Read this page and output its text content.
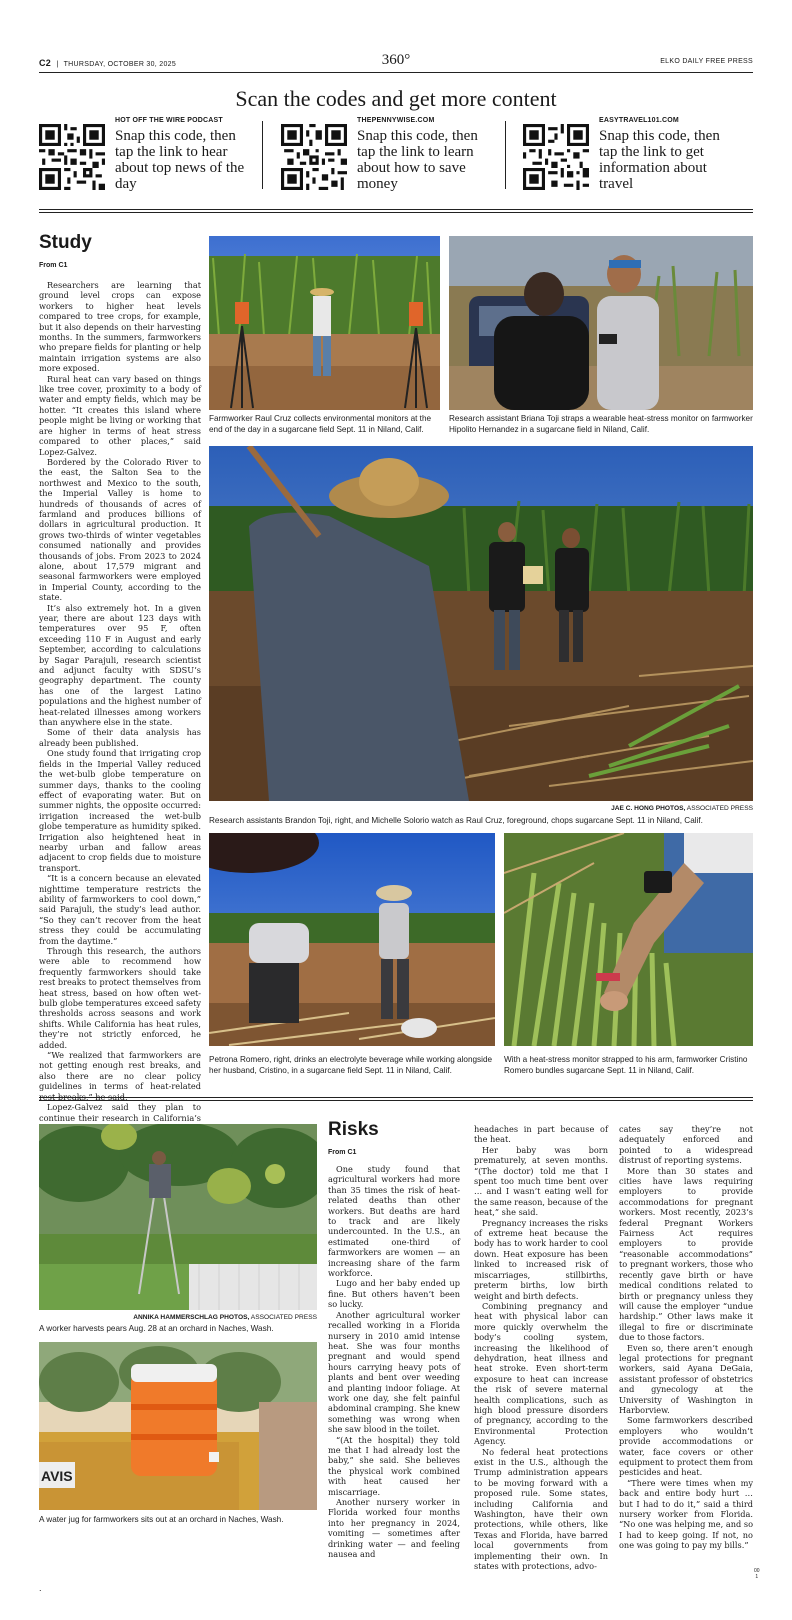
C2 | THURSDAY, OCTOBER 30, 2025	360°	ELKO DAILY FREE PRESS
Scan the codes and get more content
HOT OFF THE WIRE PODCAST
Snap this code, then tap the link to hear about top news of the day
THEPENNYWISE.COM
Snap this code, then tap the link to learn about how to save money
EASYTRAVEL101.COM
Snap this code, then tap the link to get information about travel
Study
From C1

Researchers are learning that ground level crops can expose workers to higher heat levels compared to tree crops, for example, but it also depends on their harvesting months. In the summers, farmworkers who prepare fields for planting or help maintain irrigation systems are also more exposed.

Rural heat can vary based on things like tree cover, proximity to a body of water and empty fields, which may be hotter. “It creates this island where people might be living or working that are higher in terms of heat stress compared to other places,” said Lopez-Galvez.

Bordered by the Colorado River to the east, the Salton Sea to the northwest and Mexico to the south, the Imperial Valley is home to hundreds of thousands of acres of farmland and produces billions of dollars in agricultural production. It grows two-thirds of winter vegetables consumed nationally and provides thousands of jobs. From 2023 to 2024 alone, about 17,579 migrant and seasonal farmworkers were employed in Imperial County, according to the state.

It’s also extremely hot. In a given year, there are about 123 days with temperatures over 95 F, often exceeding 110 F in August and early September, according to calculations by Sagar Parajuli, research scientist and adjunct faculty with SDSU’s geography department. The county has one of the largest Latino populations and the highest number of heat-related illnesses among workers than anywhere else in the state.

Some of their data analysis has already been published.

One study found that irrigating crop fields in the Imperial Valley reduced the wet-bulb globe temperature on summer days, thanks to the cooling effect of evaporating water. But on summer nights, the opposite occurred: irrigation increased the wet-bulb globe temperature as humidity spiked. Irrigation also heightened heat in nearby urban and fallow areas adjacent to crop fields due to moisture transport.

“It is a concern because an elevated nighttime temperature restricts the ability of farmworkers to cool down,” said Parajuli, the study’s lead author. “So they can’t recover from the heat stress they could be accumulating from the daytime.”

Through this research, the authors were able to recommend how frequently farmworkers should take rest breaks to protect themselves from heat stress, based on how often wet-bulb globe temperatures exceed safety thresholds across seasons and work shifts. While California has heat rules, they’re not strictly enforced, he added.

“We realized that farmworkers are not getting enough rest breaks, and also there are no clear policy guidelines in terms of heat-related

Lopez-Galvez said they plan to continue their research in California’s

Farmworker Raul Cruz collects environmental monitors at the end of the day in a sugarcane field Sept. 11 in Niland, Calif.
Research assistant Briana Toji straps a wearable heat-stress monitor on farmworker Hipolito Hernandez in a sugarcane field in Niland, Calif.
JAE C. HONG PHOTOS, ASSOCIATED PRESS
Research assistants Brandon Toji, right, and Michelle Solorio watch as Raul Cruz, foreground, chops sugarcane Sept. 11 in Niland, Calif.
Petrona Romero, right, drinks an electrolyte beverage while working alongside her husband, Cristino, in a sugarcane field Sept. 11 in Niland, Calif.
With a heat-stress monitor strapped to his arm, farmworker Cristino Romero bundles sugarcane Sept. 11 in Niland, Calif.
ANNIKA HAMMERSCHLAG PHOTOS, ASSOCIATED PRESS
A worker harvests pears Aug. 28 at an orchard in Naches, Wash.
AVIS
A water jug for farmworkers sits out at an orchard in Naches, Wash.
Risks
From C1

One study found that agricultural workers had more than 35 times the risk of heat-related deaths than other workers. But deaths are hard to track and are likely undercounted. In the U.S., an estimated one-third of farmworkers are women — an increasing share of the farm workforce.

Lugo and her baby ended up fine. But others haven’t been so lucky.

Another agricultural worker recalled working in a Florida nursery in 2010 amid intense heat. She was four months pregnant and would spend hours carrying heavy pots of plants and bent over weeding and planting indoor foliage. At work one day, she felt painful abdominal cramping. She knew something was wrong when she saw blood in the toilet.

“(At the hospital) they told me that I had already lost the baby,” she said. She believes the physical work combined with heat caused her miscarriage.

Another nursery worker in Florida worked four months into her pregnancy in 2024, vomiting — sometimes after drinking water — and feeling nausea and

headaches in part because of the heat.

Her baby was born prematurely, at seven months. “(The doctor) told me that I spent too much time bent over … and I wasn’t eating well for the same reason, because of the heat,” she said.

Pregnancy increases the risks of extreme heat because the body has to work harder to cool down. Heat exposure has been linked to increased risk of miscarriages, stillbirths, preterm births, low birth weight and birth defects.

Combining pregnancy and heat with physical labor can more quickly overwhelm the body’s cooling system, increasing the likelihood of dehydration, heat illness and heat stroke. Even short-term exposure to heat can increase the risk of severe maternal health complications, such as high blood pressure disorders of pregnancy, according to the Environmental Protection Agency.

No federal heat protections exist in the U.S., although the Trump administration appears to be moving forward with a proposed rule. Some states, including California and Washington, have their own protections, while others, like Texas and Florida, have barred local governments from implementing their own. In states with protections, advo-

cates say they’re not adequately enforced and pointed to a widespread distrust of reporting systems.

More than 30 states and cities have laws requiring employers to provide accommodations for pregnant workers. Most recently, 2023’s federal Pregnant Workers Fairness Act requires employers to provide “reasonable accommodations” to pregnant workers, those who recently gave birth or have medical conditions related to birth or pregnancy unless they will cause the employer “undue hardship.” Other laws make it illegal to fire or discriminate due to those factors.

Even so, there aren’t enough legal protections for pregnant workers, said Ayana DeGaia, assistant professor of obstetrics and gynecology at the University of Washington in Harborview.

Some farmworkers described employers who wouldn’t provide accommodations or water, face covers or other equipment to protect them from pesticides and heat.

“There were times when my back and entire body hurt … but I had to do it,” said a third nursery worker from Florida. “No one was helping me, and so I had to keep going. If not, no one was going to pay my bills.”

.
00
1
